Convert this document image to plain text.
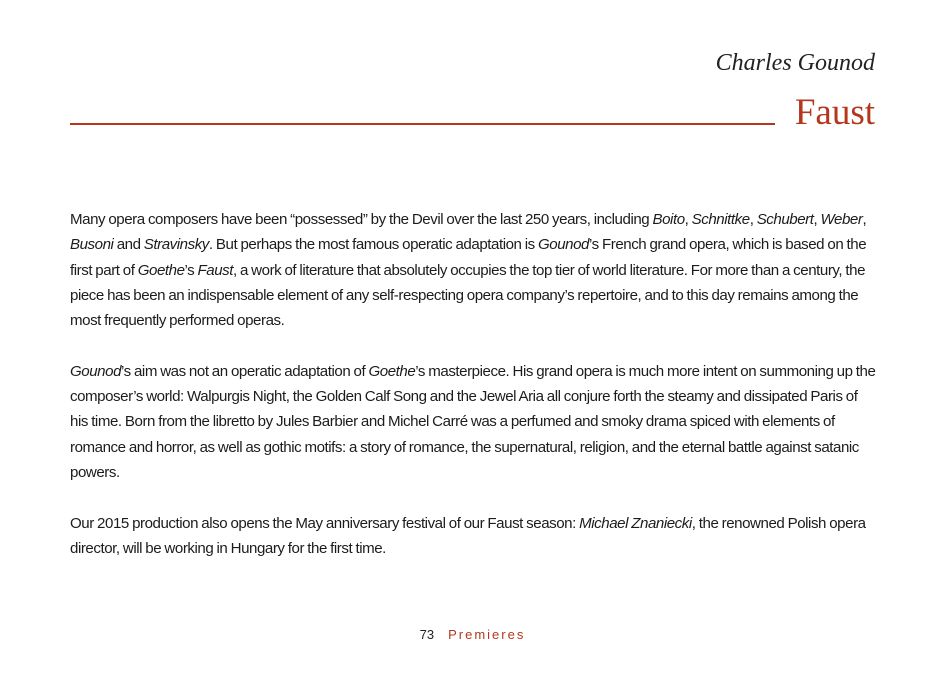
Charles Gounod
Faust

Many opera composers have been “possessed” by the Devil over the last 250 years, including Boito, Schnittke, Schubert, Weber, Busoni and Stravinsky. But perhaps the most famous operatic adaptation is Gounod’s French grand opera, which is based on the first part of Goethe’s Faust, a work of literature that absolutely occupies the top tier of world literature. For more than a century, the piece has been an indispensable element of any self-respecting opera company’s repertoire, and to this day remains among the most frequently performed operas.

Gounod’s aim was not an operatic adaptation of Goethe’s masterpiece. His grand opera is much more intent on summoning up the composer’s world: Walpurgis Night, the Golden Calf Song and the Jewel Aria all conjure forth the steamy and dissipated Paris of his time. Born from the libretto by Jules Barbier and Michel Carré was a perfumed and smoky drama spiced with elements of romance and horror, as well as gothic motifs: a story of romance, the supernatural, religion, and the eternal battle against satanic powers.

Our 2015 production also opens the May anniversary festival of our Faust season: Michael Znaniecki, the renowned Polish opera director, will be working in Hungary for the first time.

73 Premieres
